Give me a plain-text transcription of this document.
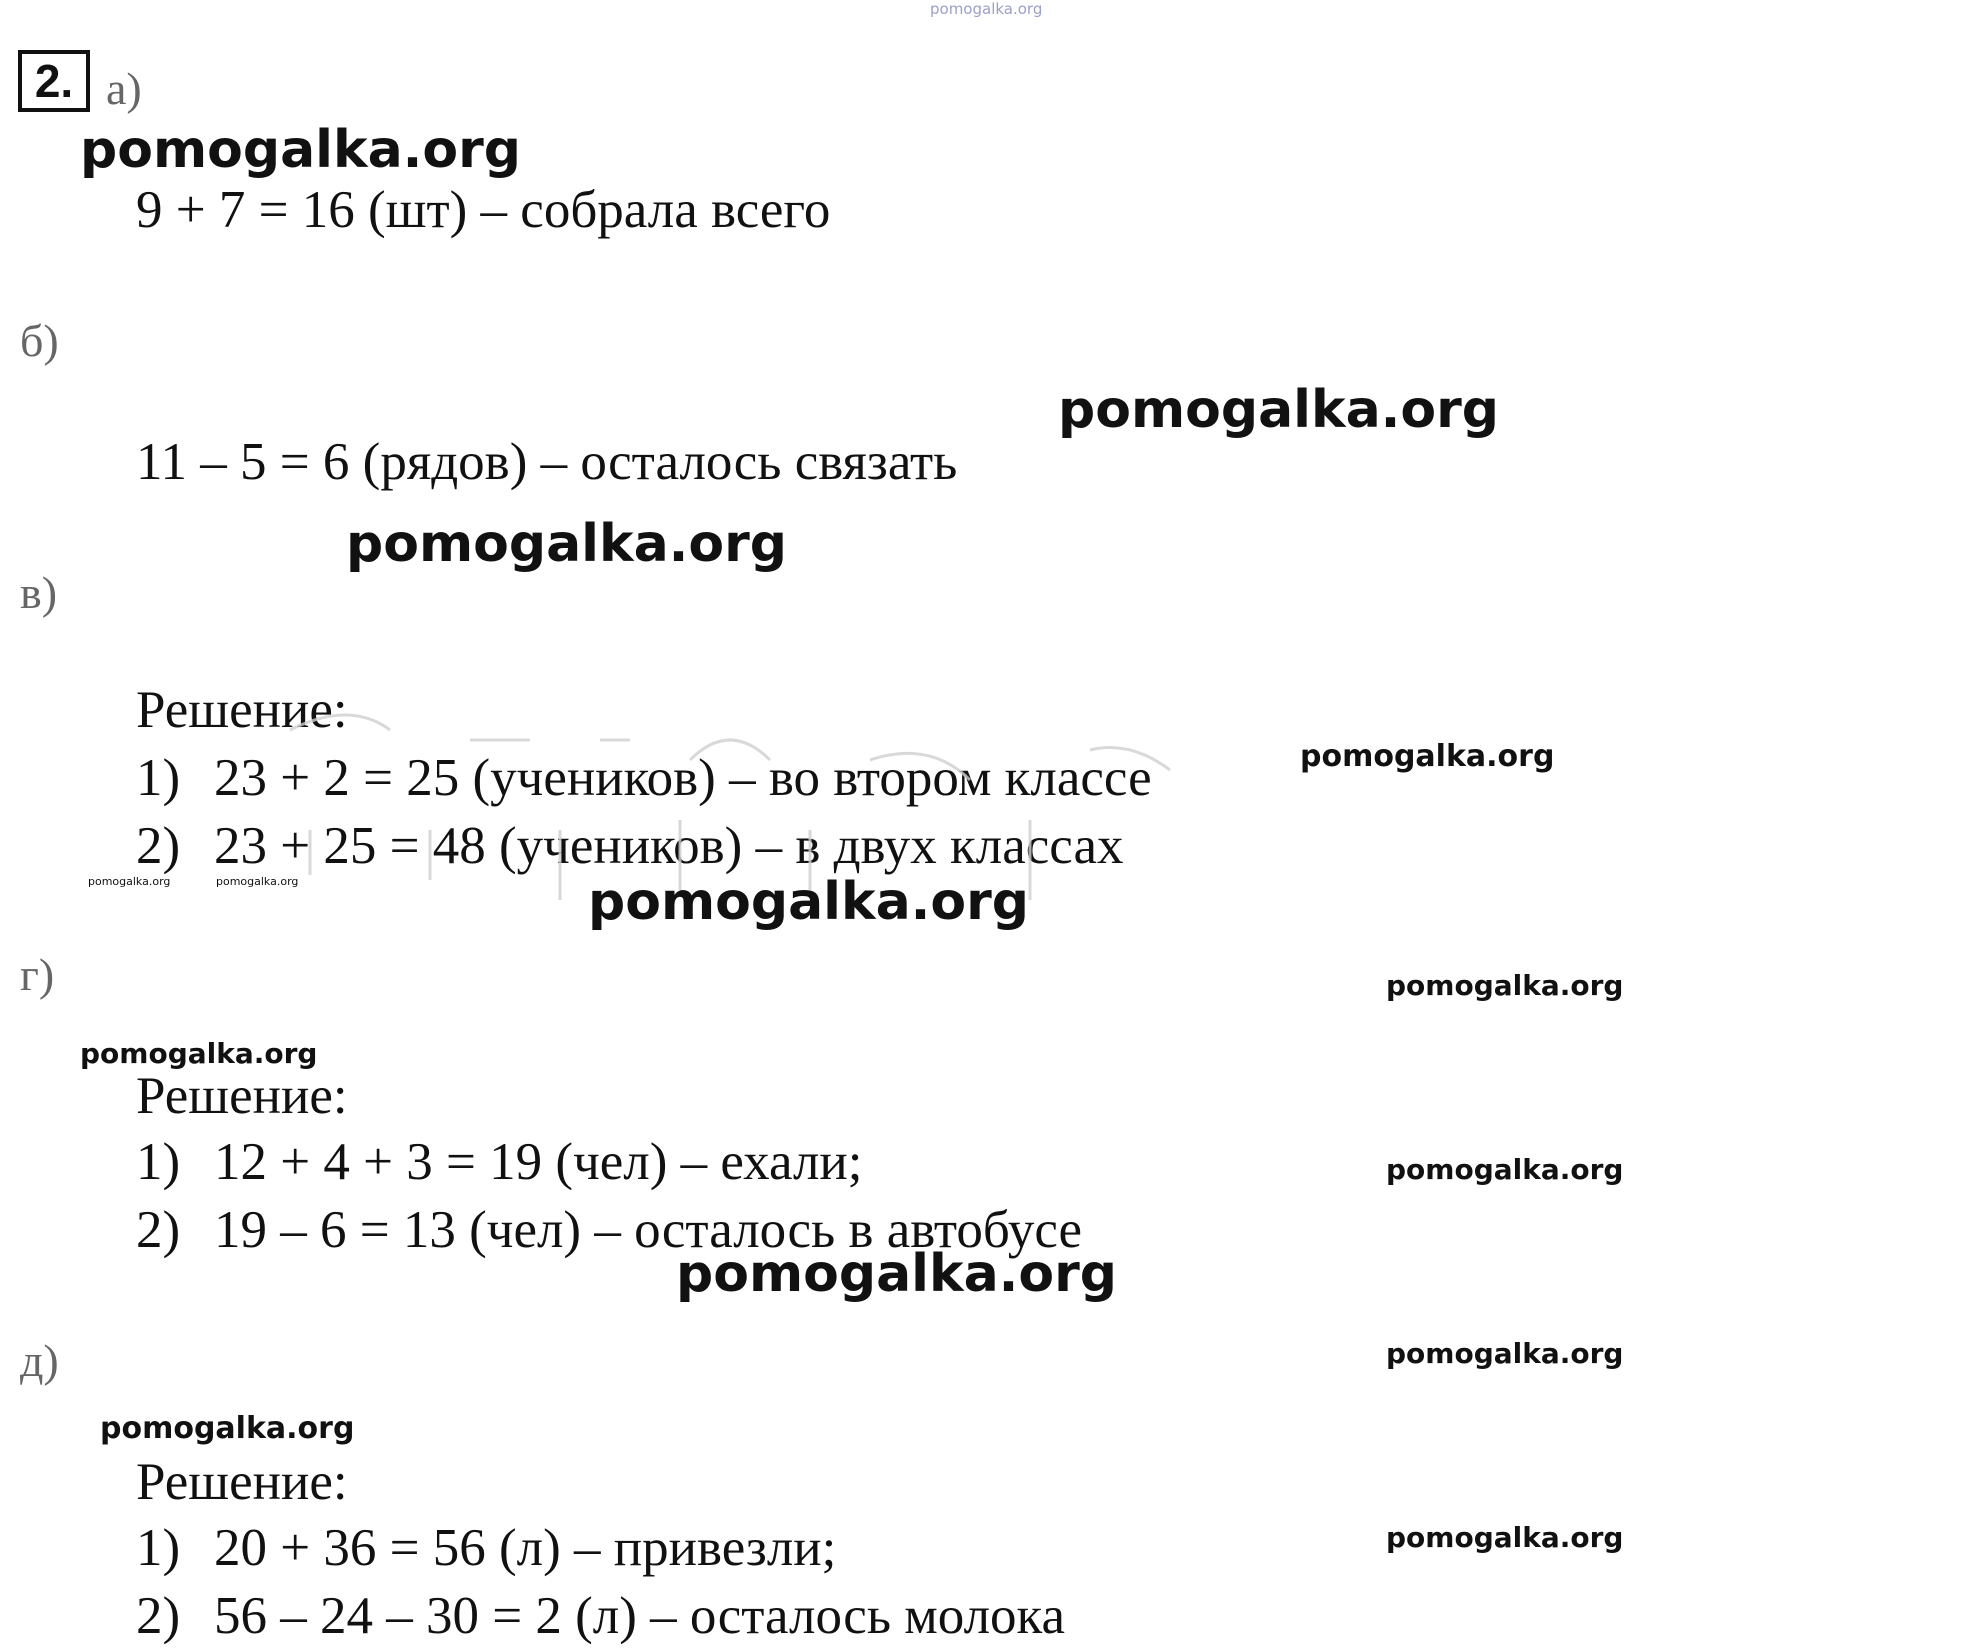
pomogalka.org
2. а)
pomogalka.org
9 + 7 = 16 (шт) – собрала всего
б)
pomogalka.org
11 – 5 = 6 (рядов) – осталось связать
pomogalka.org
в)
Решение:
1) 23 + 2 = 25 (учеников) – во втором классе
2) 23 + 25 = 48 (учеников) – в двух классах
pomogalka.org
pomogalka.org	pomogalka.org	pomogalka.org
г)	pomogalka.org
pomogalka.org
Решение:
1) 12 + 4 + 3 = 19 (чел) – ехали;	pomogalka.org
2) 19 – 6 = 13 (чел) – осталось в автобусе
pomogalka.org
д)	pomogalka.org
pomogalka.org
Решение:
pomogalka.org
1) 20 + 36 = 56 (л) – привезли;
2) 56 – 24 – 30 = 2 (л) – осталось молока
